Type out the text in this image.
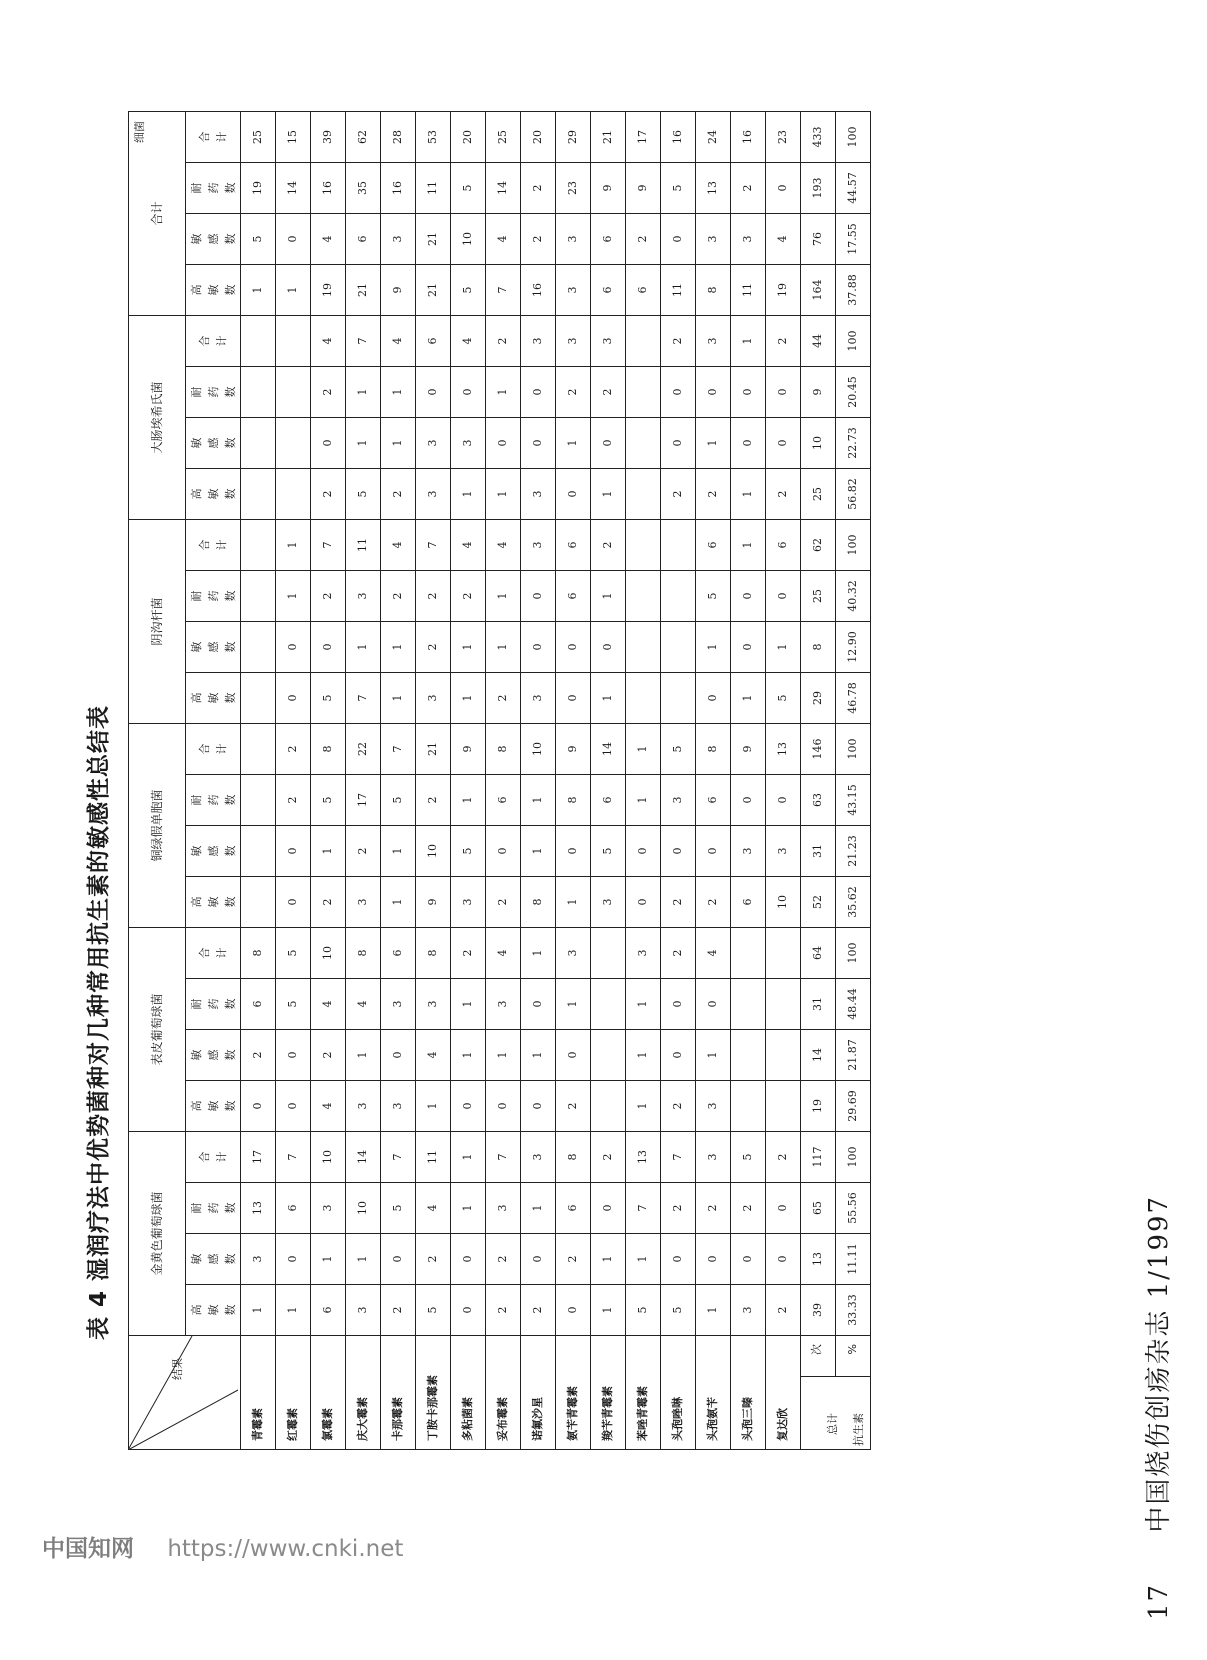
表 4 湿润疗法中优势菌种对几种常用抗生素的敏感性总结表
细菌
结果
抗生素	金黄色葡萄球菌				表皮葡萄球菌				铜绿假单胞菌				阴沟杆菌				大肠埃希氏菌				合计			

	高 敏 数	敏 感 数	耐 药 数	合 计	高 敏 数	敏 感 数	耐 药 数	合 计	高 敏 数	敏 感 数	耐 药 数	合 计	高 敏 数	敏 感 数	耐 药 数	合 计	高 敏 数	敏 感 数	耐 药 数	合 计	高 敏 数	敏 感 数	耐 药 数	合 计

青霉素	1	3	13	17	0	2	6	8													1	5	19	25
红霉素	1	0	6	7	0	0	5	5	0	0	2	2	0	0	1	1					1	0	14	15
氯霉素	6	1	3	10	4	2	4	10	2	1	5	8	5	0	2	7	2	0	2	4	19	4	16	39
庆大霉素	3	1	10	14	3	1	4	8	3	2	17	22	7	1	3	11	5	1	1	7	21	6	35	62
卡那霉素	2	0	5	7	3	0	3	6	1	1	5	7	1	1	2	4	2	1	1	4	9	3	16	28
丁胺卡那霉素	5	2	4	11	1	4	3	8	9	10	2	21	3	2	2	7	3	3	0	6	21	21	11	53
多粘菌素	0	0	1	1	0	1	1	2	3	5	1	9	1	1	2	4	1	3	0	4	5	10	5	20
妥布霉素	2	2	3	7	0	1	3	4	2	0	6	8	2	1	1	4	1	0	1	2	7	4	14	25
诺氟沙星	2	0	1	3	0	1	0	1	8	1	1	10	3	0	0	3	3	0	0	3	16	2	2	20
氨苄青霉素	0	2	6	8	2	0	1	3	1	0	8	9	0	0	6	6	0	1	2	3	3	3	23	29
羧苄青霉素	1	1	0	2					3	5	6	14	1	0	1	2	1	0	2	3	6	6	9	21
苯唑青霉素	5	1	7	13	1	1	1	3	0	0	1	1									6	2	9	17
头孢唑啉	5	0	2	7	2	0	0	2	2	0	3	5					2	0	0	2	11	0	5	16
头孢氨苄	1	0	2	3	3	1	0	4	2	0	6	8	0	1	5	6	2	1	0	3	8	3	13	24
头孢三嗪	3	0	2	5					6	3	0	9	1	0	0	1	1	0	0	1	11	3	2	16
复达欣	2	0	0	2					10	3	0	13	5	1	0	6	2	0	0	2	19	4	0	23

总计
次 %	39	13	65	117	19	14	31	64	52	31	63	146	29	8	25	62	25	10	9	44	164	76	193	433
	33.33	11.11	55.56	100	29.69	21.87	48.44	100	35.62	21.23	43.15	100	46.78	12.90	40.32	100	56.82	22.73	20.45	100	37.88	17.55	44.57	100
17 中国烧伤创疡杂志 1/1997
中国知网 https://www.cnki.net
